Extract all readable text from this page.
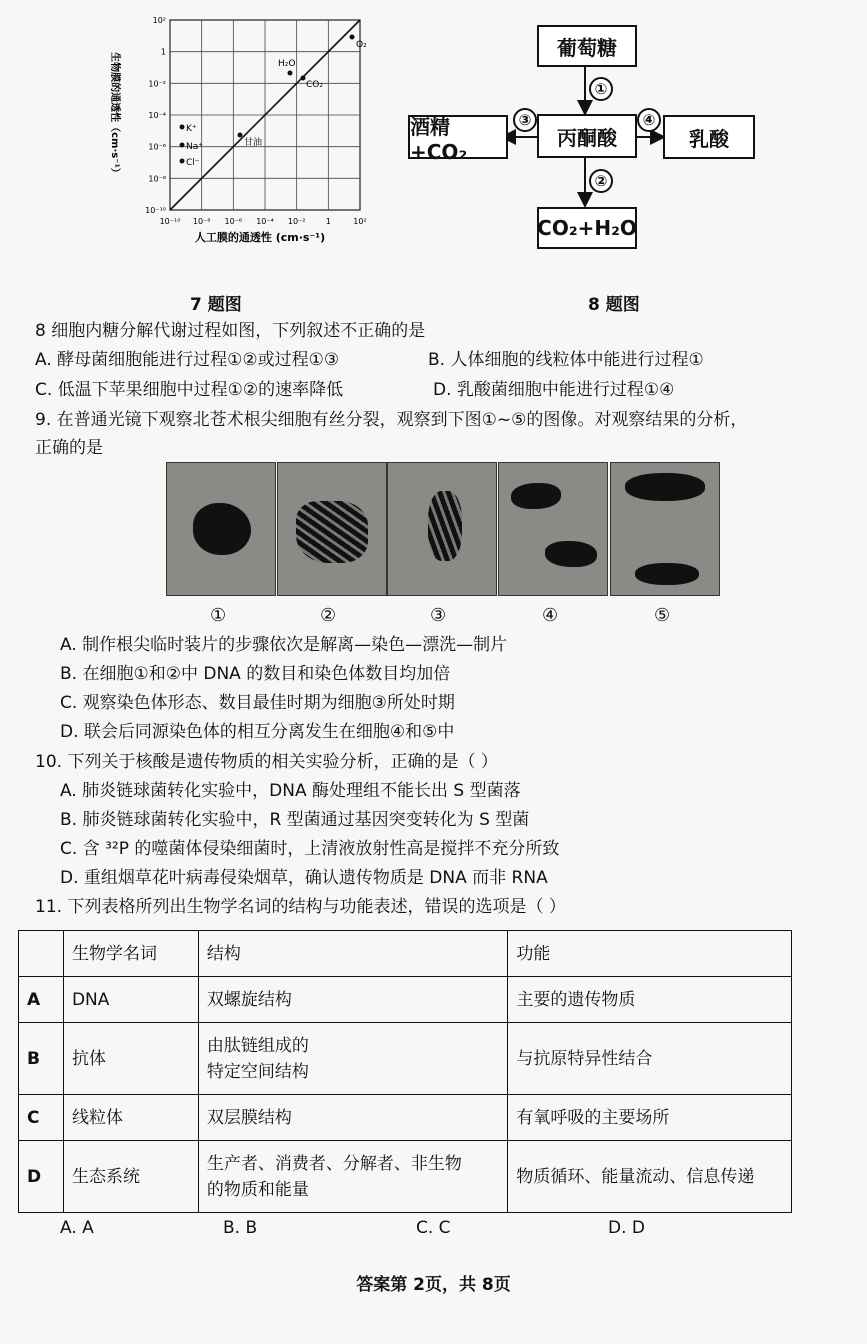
10⁻¹⁰ 10⁻⁸ 10⁻⁶ 10⁻⁴ 10⁻²	1	10²
10²
1
10⁻²
10⁻⁴
10⁻⁶
10⁻⁸
10⁻¹⁰
O₂
H₂O
CO₂
甘油
K⁺
Na⁺
Cl⁻
生物膜的通透性（cm·s⁻¹）
人工膜的通透性 (cm·s⁻¹)
7 题图
葡萄糖
丙酮酸
酒精+CO₂
乳酸
CO₂+H₂O
①
②
③	④
8 题图
8 细胞内糖分解代谢过程如图，下列叙述不正确的是
A. 酵母菌细胞能进行过程①②或过程①③	B. 人体细胞的线粒体中能进行过程①
C. 低温下苹果细胞中过程①②的速率降低	D. 乳酸菌细胞中能进行过程①④
9. 在普通光镜下观察北苍术根尖细胞有丝分裂，观察到下图①~⑤的图像。对观察结果的分析，
正确的是
①	②	③	④	⑤
A. 制作根尖临时装片的步骤依次是解离—染色—漂洗—制片
B. 在细胞①和②中 DNA 的数目和染色体数目均加倍
C. 观察染色体形态、数目最佳时期为细胞③所处时期
D. 联会后同源染色体的相互分离发生在细胞④和⑤中
10. 下列关于核酸是遗传物质的相关实验分析，正确的是（ ）
A. 肺炎链球菌转化实验中，DNA 酶处理组不能长出 S 型菌落
B. 肺炎链球菌转化实验中，R 型菌通过基因突变转化为 S 型菌
C. 含 ³²P 的噬菌体侵染细菌时，上清液放射性高是搅拌不充分所致
D. 重组烟草花叶病毒侵染烟草，确认遗传物质是 DNA 而非 RNA
11. 下列表格所列出生物学名词的结构与功能表述，错误的选项是（ ）
	生物学名词	结构	功能
A	DNA	双螺旋结构	主要的遗传物质
B	抗体	由肽链组成的
特定空间结构	与抗原特异性结合
C	线粒体	双层膜结构	有氧呼吸的主要场所
D	生态系统	生产者、消费者、分解者、非生物
的物质和能量	物质循环、能量流动、信息传递
A. A	B. B	C. C	D. D
答案第 2页，共 8页
